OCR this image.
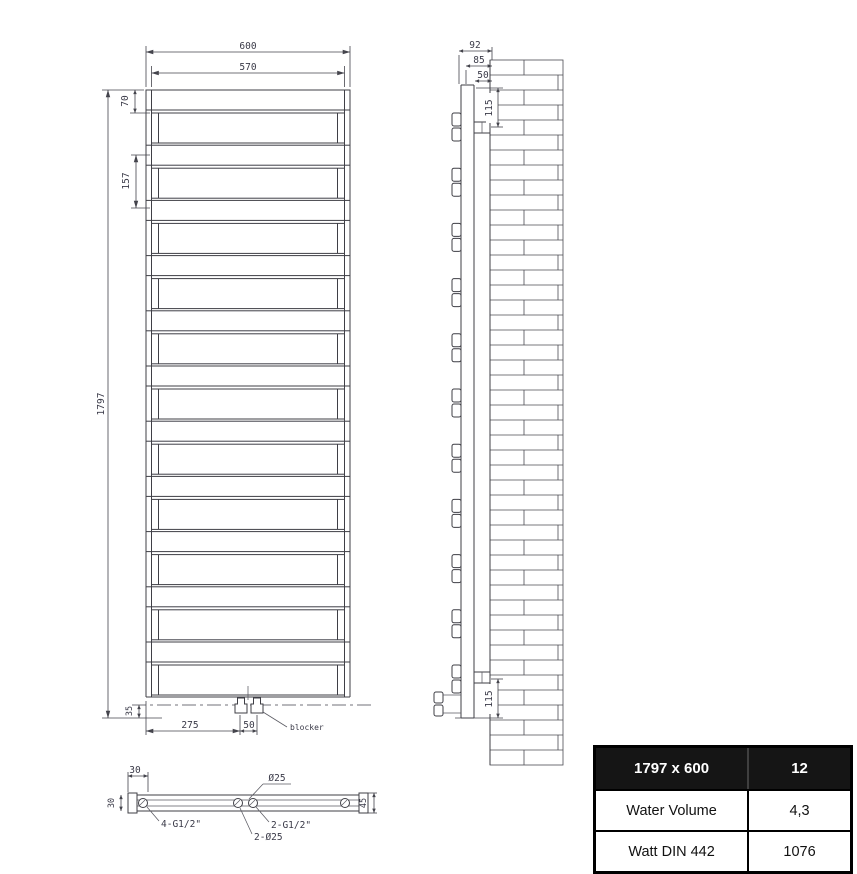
600
570
1797
70
157
275	50
35
blocker
92
85
50
115
115
30
Ø25
30	45
4-G1/2"	2-G1/2"
2-Ø25
1797 x 600	12
Water Volume	4,3
Watt DIN 442	1076
